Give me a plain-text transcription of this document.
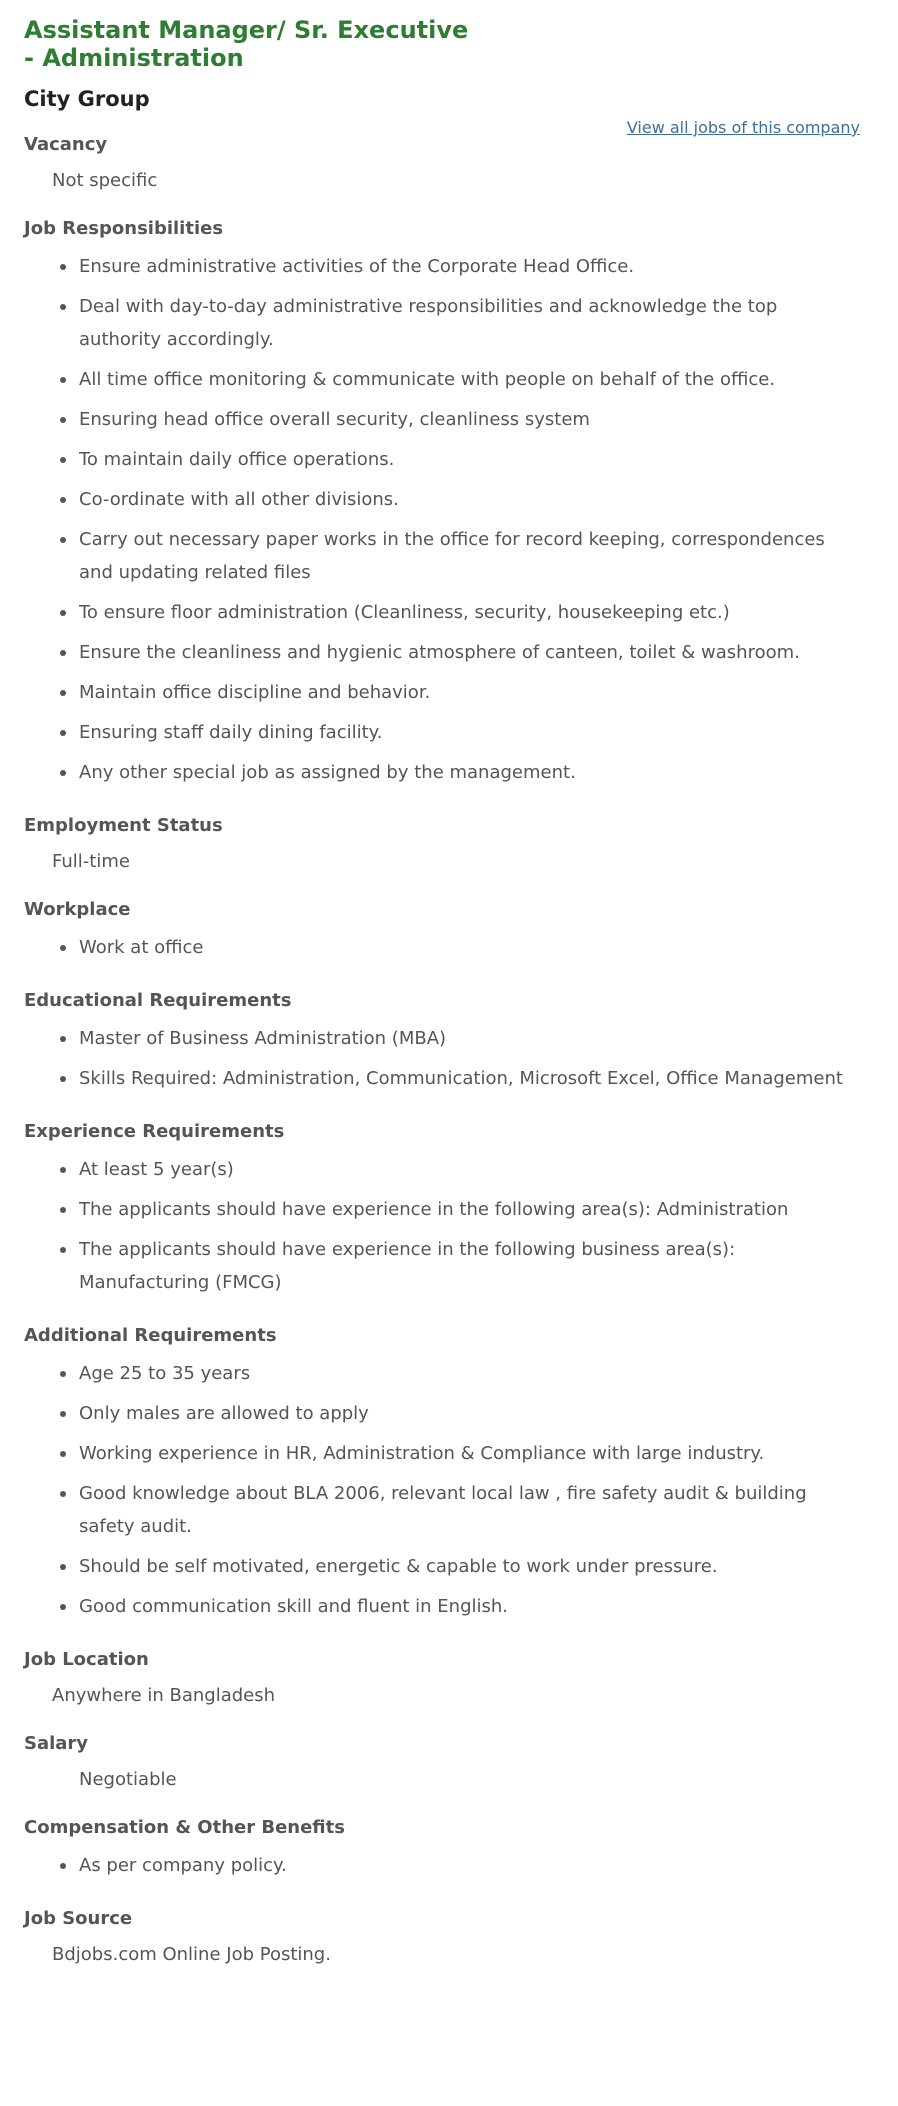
Assistant Manager/ Sr. Executive - Administration
City Group
View all jobs of this company
Vacancy
Not specific
Job Responsibilities
Ensure administrative activities of the Corporate Head Office.
Deal with day-to-day administrative responsibilities and acknowledge the top authority accordingly.
All time office monitoring & communicate with people on behalf of the office.
Ensuring head office overall security, cleanliness system
To maintain daily office operations.
Co-ordinate with all other divisions.
Carry out necessary paper works in the office for record keeping, correspondences and updating related files
To ensure floor administration (Cleanliness, security, housekeeping etc.)
Ensure the cleanliness and hygienic atmosphere of canteen, toilet & washroom.
Maintain office discipline and behavior.
Ensuring staff daily dining facility.
Any other special job as assigned by the management.
Employment Status
Full-time
Workplace
Work at office
Educational Requirements
Master of Business Administration (MBA)
Skills Required: Administration, Communication, Microsoft Excel, Office Management
Experience Requirements
At least 5 year(s)
The applicants should have experience in the following area(s): Administration
The applicants should have experience in the following business area(s): Manufacturing (FMCG)
Additional Requirements
Age 25 to 35 years
Only males are allowed to apply
Working experience in HR, Administration & Compliance with large industry.
Good knowledge about BLA 2006, relevant local law , fire safety audit & building safety audit.
Should be self motivated, energetic & capable to work under pressure.
Good communication skill and fluent in English.
Job Location
Anywhere in Bangladesh
Salary
Negotiable
Compensation & Other Benefits
As per company policy.
Job Source
Bdjobs.com Online Job Posting.
